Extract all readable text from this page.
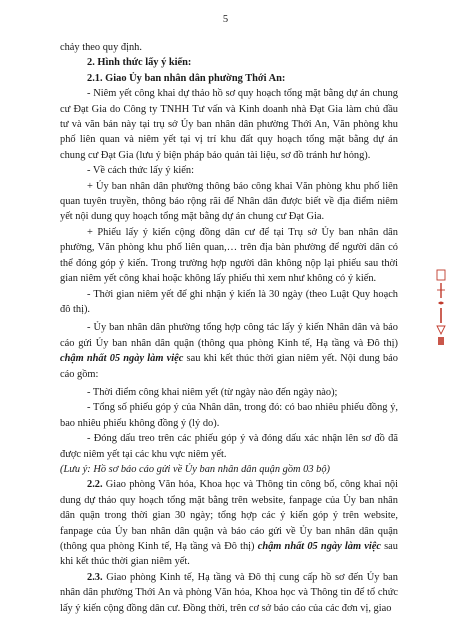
5

chảy theo quy định.

2. Hình thức lấy ý kiến:

2.1. Giao Ủy ban nhân dân phường Thới An:

- Niêm yết công khai dự thảo hồ sơ quy hoạch tổng mặt bằng dự án chung cư Đạt Gia do Công ty TNHH Tư vấn và Kinh doanh nhà Đạt Gia làm chủ đầu tư và văn bản này tại trụ sở Ủy ban nhân dân phường Thới An, Văn phòng khu phố liên quan và niêm yết tại vị trí khu đất quy hoạch tổng mặt bằng dự án chung cư Đạt Gia (lưu ý biện pháp bảo quản tài liệu, sơ đồ tránh hư hỏng).

- Về cách thức lấy ý kiến:

+ Ủy ban nhân dân phường thông báo công khai Văn phòng khu phố liên quan tuyên truyền, thông báo rộng rãi để Nhân dân được biết về địa điểm niêm yết nội dung quy hoạch tổng mặt bằng dự án chung cư Đạt Gia.

+ Phiếu lấy ý kiến cộng đồng dân cư để tại Trụ sở Ủy ban nhân dân phường, Văn phòng khu phố liên quan,… trên địa bàn phường để người dân có thể đóng góp ý kiến. Trong trường hợp người dân không nộp lại phiếu sau thời gian niêm yết công khai hoặc không lấy phiếu thì xem như không có ý kiến.

- Thời gian niêm yết để ghi nhận ý kiến là 30 ngày (theo Luật Quy hoạch đô thị).

- Ủy ban nhân dân phường tổng hợp công tác lấy ý kiến Nhân dân và báo cáo gửi Ủy ban nhân dân quận (thông qua phòng Kinh tế, Hạ tầng và Đô thị) chậm nhất 05 ngày làm việc sau khi kết thúc thời gian niêm yết. Nội dung báo cáo gồm:

- Thời điểm công khai niêm yết (từ ngày nào đến ngày nào);

- Tổng số phiếu góp ý của Nhân dân, trong đó: có bao nhiêu phiếu đồng ý, bao nhiêu phiếu không đồng ý (lý do).

- Đóng dấu treo trên các phiếu góp ý và đóng dấu xác nhận lên sơ đồ đã được niêm yết tại các khu vực niêm yết.

(Lưu ý: Hồ sơ báo cáo gửi về Ủy ban nhân dân quận gồm 03 bộ)

2.2. Giao phòng Văn hóa, Khoa học và Thông tin công bố, công khai nội dung dự thảo quy hoạch tổng mặt bằng trên website, fanpage của Ủy ban nhân dân quận trong thời gian 30 ngày; tổng hợp các ý kiến góp ý trên website, fanpage của Ủy ban nhân dân quận và báo cáo gửi về Ủy ban nhân dân quận (thông qua phòng Kinh tế, Hạ tầng và Đô thị) chậm nhất 05 ngày làm việc sau khi kết thúc thời gian niêm yết.

2.3. Giao phòng Kinh tế, Hạ tầng và Đô thị cung cấp hồ sơ đến Ủy ban nhân dân phường Thới An và phòng Văn hóa, Khoa học và Thông tin để tổ chức lấy ý kiến cộng đồng dân cư. Đồng thời, trên cơ sở báo cáo của các đơn vị, giao
